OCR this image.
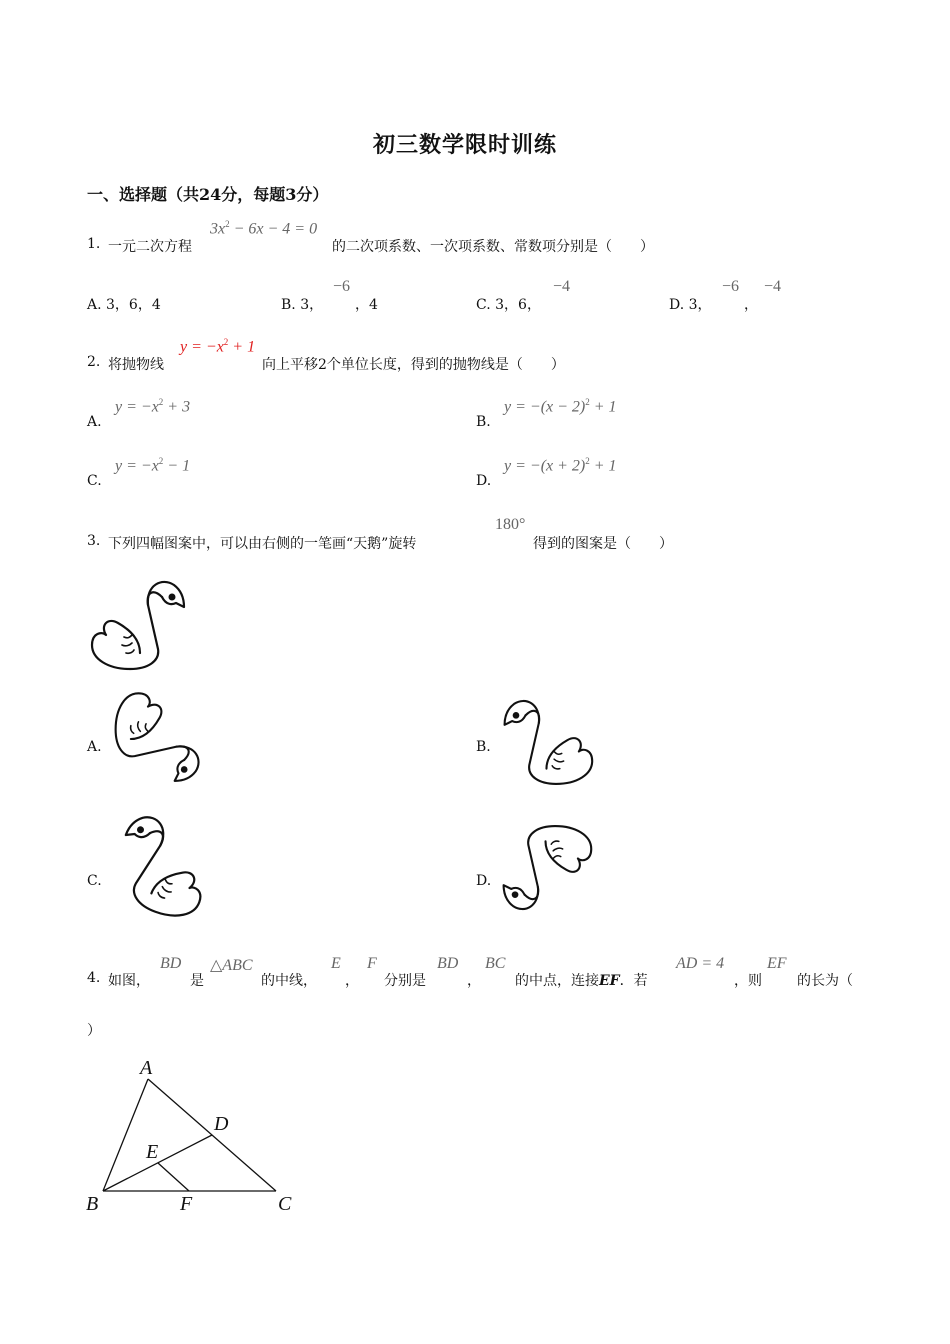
初三数学限时训练
一、选择题（共24分，每题3分）
1. 一元二次方程
$3x^2 - 6x - 4 = 0$
的二次项系数、一次项系数、常数项分别是（　　）
A. 3，6，4	B. 3，
−6
，4	C. 3，6，
−4
D. 3，
−6
，
−4
2. 将抛物线
$y = -x^2 + 1$
向上平移2个单位长度，得到的抛物线是（　　）
A.
$y = -x^2 + 3$
B.
$y = -(x - 2)^2 + 1$
C.
$y = -x^2 - 1$
D.
$y = -(x + 2)^2 + 1$
3. 下列四幅图案中，可以由右侧的一笔画“天鹅”旋转
180°
得到的图案是（　　）
A.	B.
C.	D.
4. 如图，
BD
是
△ABC
的中线，
E
，
F
分别是
BD
，
BC
的中点，连接EF．若
AD = 4
，则
EF
的长为（
）
A
B	C
D
E
F
